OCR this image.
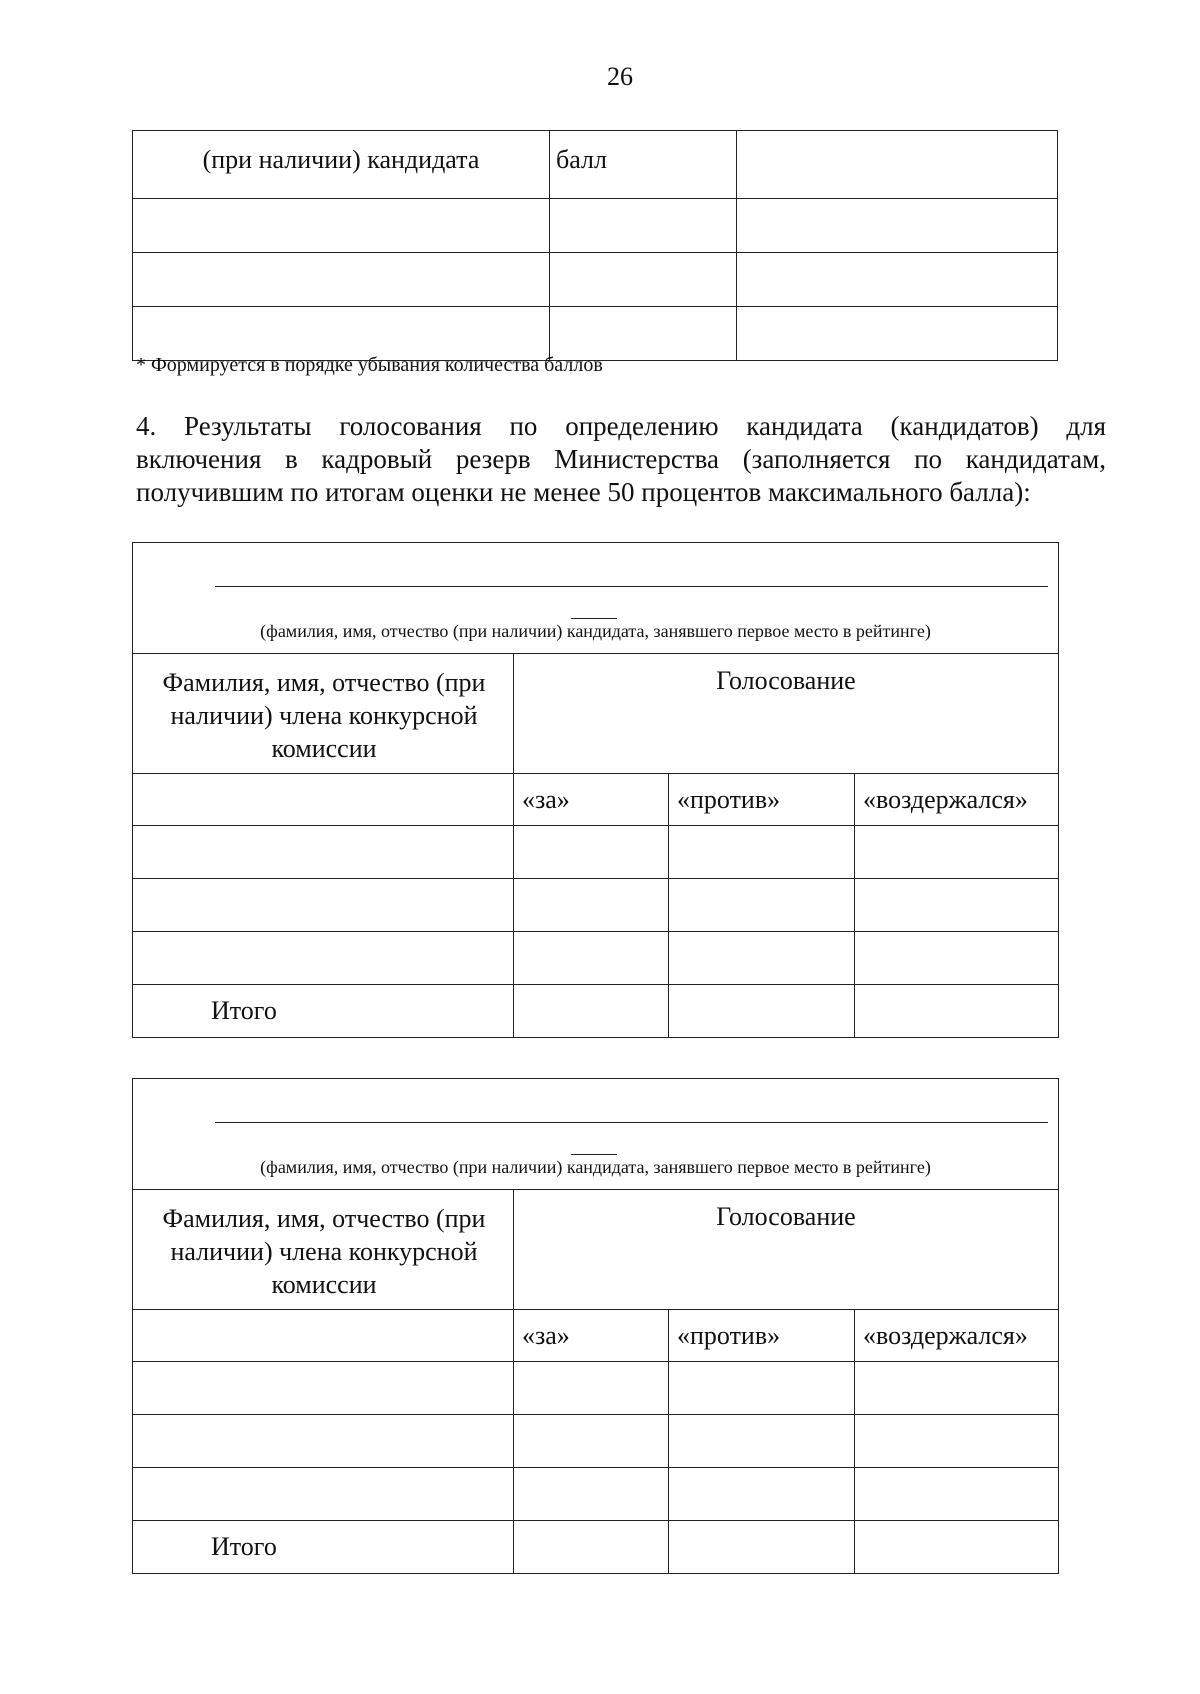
26
(при наличии) кандидата	балл	

* Формируется в порядке убывания количества баллов
4. Результаты голосования по определению кандидата (кандидатов) для
включения в кадровый резерв Министерства (заполняется по кандидатам,
получившим по итогам оценки не менее 50 процентов максимального балла):
(фамилия, имя, отчество (при наличии) кандидата, занявшего первое место в рейтинге)			

Фамилия, имя, отчество (при наличии) члена конкурсной комиссии	Голосование		
	«за»	«против»	«воздержался»

Итого			
(фамилия, имя, отчество (при наличии) кандидата, занявшего первое место в рейтинге)			

Фамилия, имя, отчество (при наличии) члена конкурсной комиссии	Голосование		
	«за»	«против»	«воздержался»

Итого			
